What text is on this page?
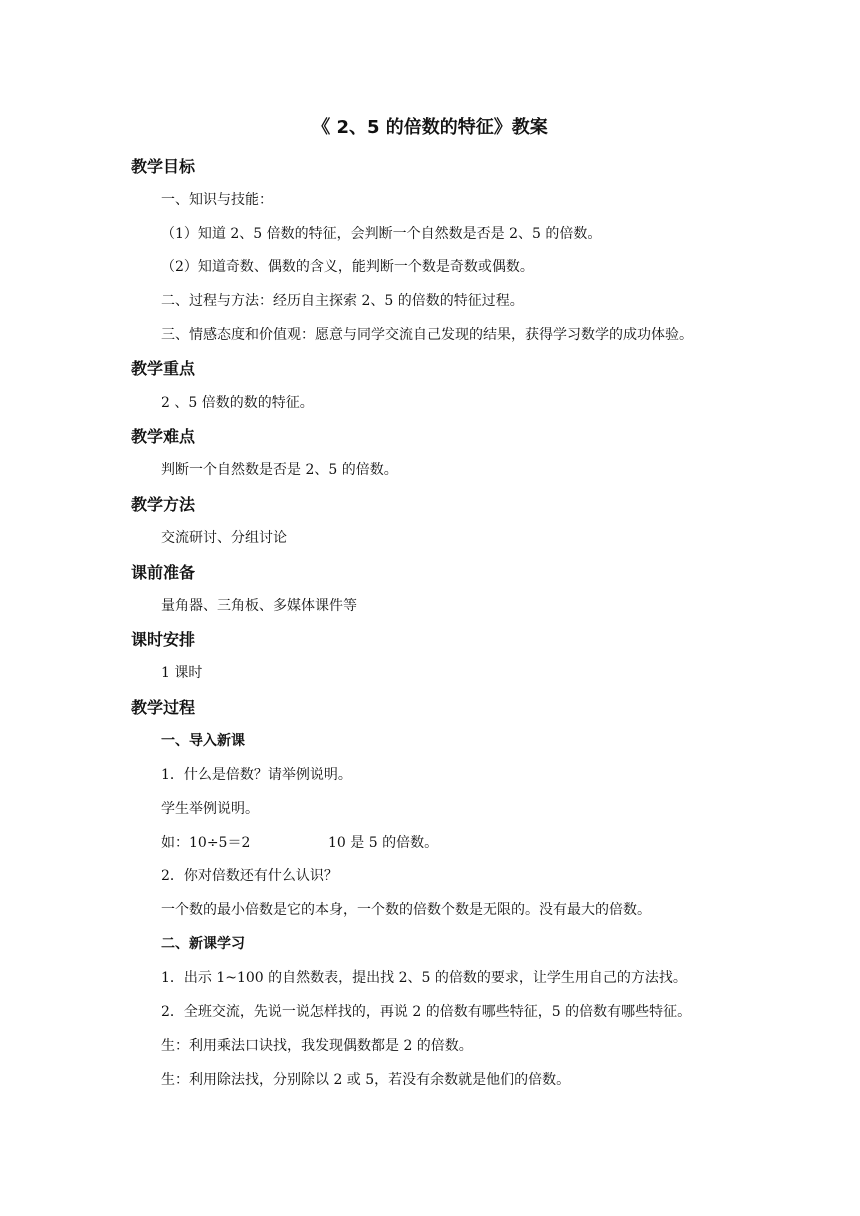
《 2、5 的倍数的特征》教案
教学目标
一、知识与技能：
（1）知道 2、5 倍数的特征，会判断一个自然数是否是 2、5 的倍数。
（2）知道奇数、偶数的含义，能判断一个数是奇数或偶数。
二、过程与方法：经历自主探索 2、5 的倍数的特征过程。
三、情感态度和价值观：愿意与同学交流自己发现的结果，获得学习数学的成功体验。
教学重点
2 、5 倍数的数的特征。
教学难点
判断一个自然数是否是 2、5 的倍数。
教学方法
交流研讨、分组讨论
课前准备
量角器、三角板、多媒体课件等
课时安排
1 课时
教学过程
一、导入新课
1．什么是倍数？请举例说明。
学生举例说明。
如：10÷5＝2	10 是 5 的倍数。
2．你对倍数还有什么认识？
一个数的最小倍数是它的本身，一个数的倍数个数是无限的。没有最大的倍数。
二、新课学习
1．出示 1~100 的自然数表，提出找 2、5 的倍数的要求，让学生用自己的方法找。
2．全班交流，先说一说怎样找的，再说 2 的倍数有哪些特征，5 的倍数有哪些特征。
生：利用乘法口诀找，我发现偶数都是 2 的倍数。
生：利用除法找，分别除以 2 或 5，若没有余数就是他们的倍数。
